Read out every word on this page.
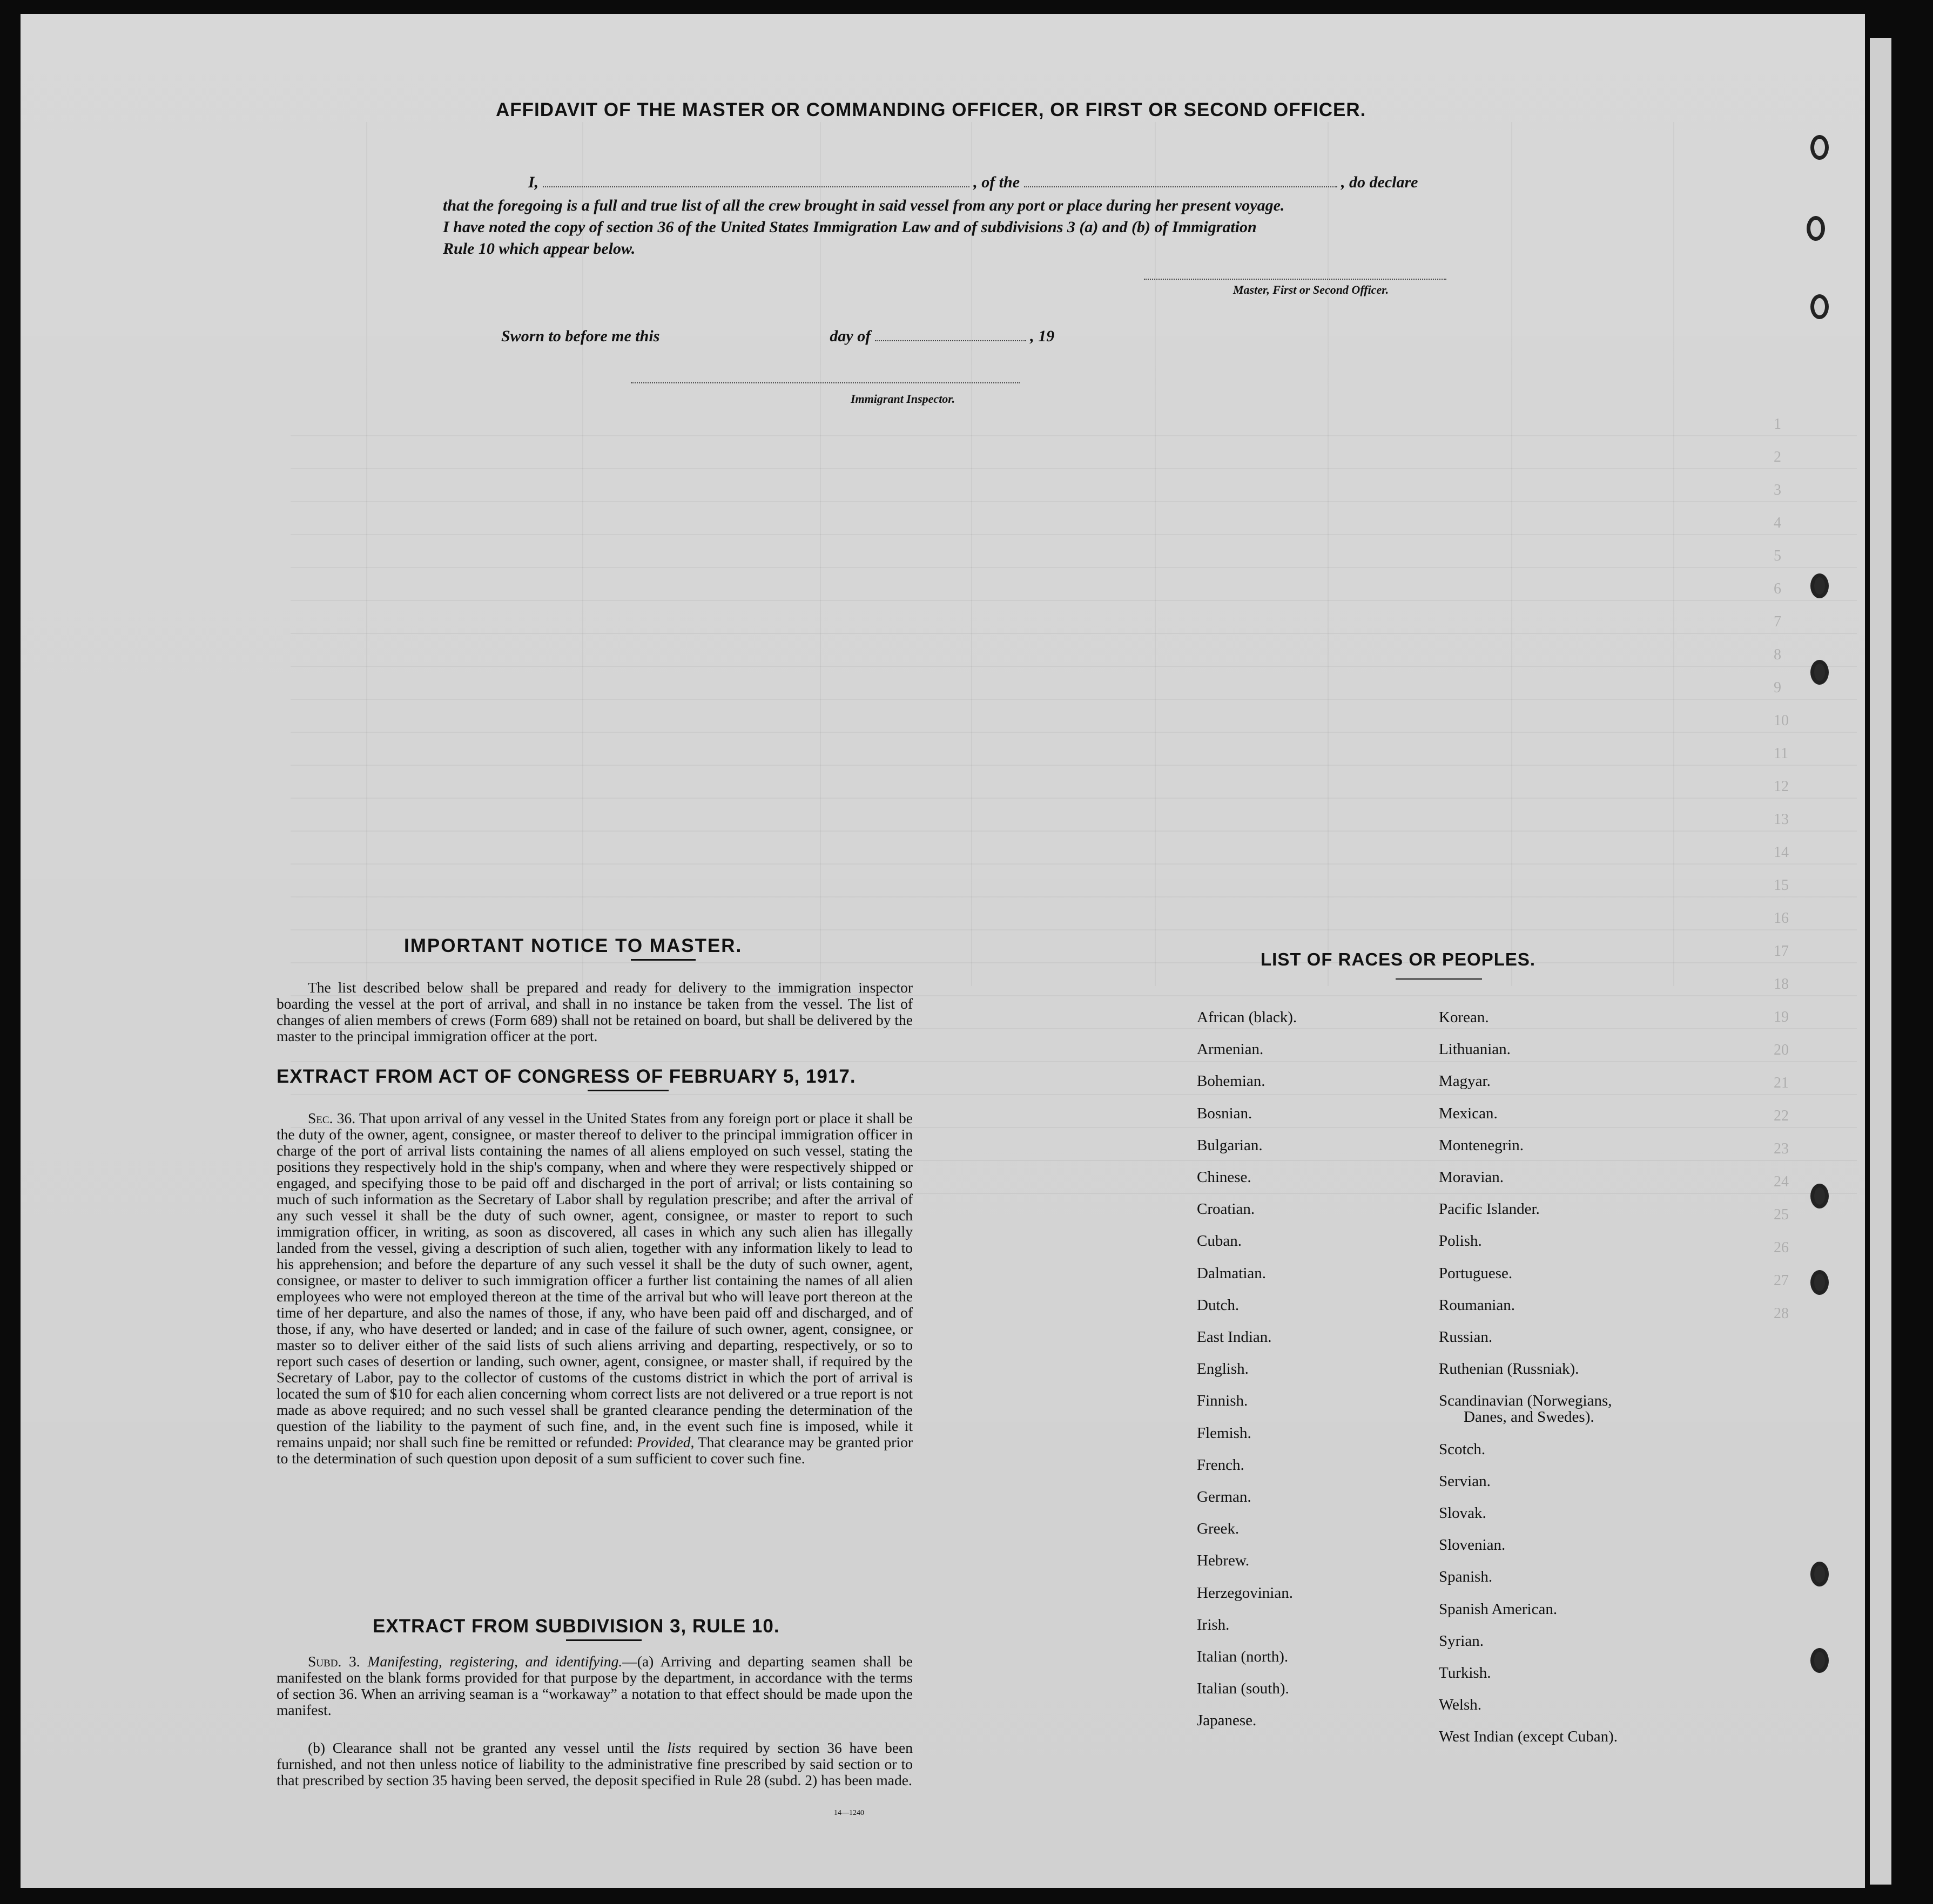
AFFIDAVIT OF THE MASTER OR COMMANDING OFFICER, OR FIRST OR SECOND OFFICER.
I,	, of the	, do declare
that the foregoing is a full and true list of all the crew brought in said vessel from any port or place during her present voyage.
I have noted the copy of section 36 of the United States Immigration Law and of subdivisions 3 (a) and (b) of Immigration
Rule 10 which appear below.
Master, First or Second Officer.
Sworn to before me this	day of	, 19
Immigrant Inspector.
IMPORTANT NOTICE TO MASTER.
The list described below shall be prepared and ready for delivery to the immigration inspector boarding the vessel at the port of arrival, and shall in no instance be taken from the vessel. The list of changes of alien members of crews (Form 689) shall not be retained on board, but shall be delivered by the master to the principal immigration officer at the port.
EXTRACT FROM ACT OF CONGRESS OF FEBRUARY 5, 1917.
Sec. 36. That upon arrival of any vessel in the United States from any foreign port or place it shall be the duty of the owner, agent, consignee, or master thereof to deliver to the principal immigration officer in charge of the port of arrival lists containing the names of all aliens employed on such vessel, stating the positions they respectively hold in the ship's company, when and where they were respectively shipped or engaged, and specifying those to be paid off and discharged in the port of arrival; or lists containing so much of such information as the Secretary of Labor shall by regulation prescribe; and after the arrival of any such vessel it shall be the duty of such owner, agent, consignee, or master to report to such immigration officer, in writing, as soon as discovered, all cases in which any such alien has illegally landed from the vessel, giving a description of such alien, together with any information likely to lead to his apprehension; and before the departure of any such vessel it shall be the duty of such owner, agent, consignee, or master to deliver to such immigration officer a further list containing the names of all alien employees who were not employed thereon at the time of the arrival but who will leave port thereon at the time of her departure, and also the names of those, if any, who have been paid off and discharged, and of those, if any, who have deserted or landed; and in case of the failure of such owner, agent, consignee, or master so to deliver either of the said lists of such aliens arriving and departing, respectively, or so to report such cases of desertion or landing, such owner, agent, consignee, or master shall, if required by the Secretary of Labor, pay to the collector of customs of the customs district in which the port of arrival is located the sum of $10 for each alien concerning whom correct lists are not delivered or a true report is not made as above required; and no such vessel shall be granted clearance pending the determination of the question of the liability to the payment of such fine, and, in the event such fine is imposed, while it remains unpaid; nor shall such fine be remitted or refunded: Provided, That clearance may be granted prior to the determination of such question upon deposit of a sum sufficient to cover such fine.
EXTRACT FROM SUBDIVISION 3, RULE 10.
Subd. 3. Manifesting, registering, and identifying.—(a) Arriving and departing seamen shall be manifested on the blank forms provided for that purpose by the department, in accordance with the terms of section 36. When an arriving seaman is a “workaway” a notation to that effect should be made upon the manifest.
(b) Clearance shall not be granted any vessel until the lists required by section 36 have been furnished, and not then unless notice of liability to the administrative fine prescribed by said section or to that prescribed by section 35 having been served, the deposit specified in Rule 28 (subd. 2) has been made.
14—1240
LIST OF RACES OR PEOPLES.
African (black).
Armenian.
Bohemian.
Bosnian.
Bulgarian.
Chinese.
Croatian.
Cuban.
Dalmatian.
Dutch.
East Indian.
English.
Finnish.
Flemish.
French.
German.
Greek.
Hebrew.
Herzegovinian.
Irish.
Italian (north).
Italian (south).
Japanese.
Korean.
Lithuanian.
Magyar.
Mexican.
Montenegrin.
Moravian.
Pacific Islander.
Polish.
Portuguese.
Roumanian.
Russian.
Ruthenian (Russniak).
Scandinavian (Norwegians,
Danes, and Swedes).
Scotch.
Servian.
Slovak.
Slovenian.
Spanish.
Spanish American.
Syrian.
Turkish.
Welsh.
West Indian (except Cuban).
1
2
3
4
5
6
7
8
9
10
11
12
13
14
15
16
17
18
19
20
21
22
23
24
25
26
27
28
